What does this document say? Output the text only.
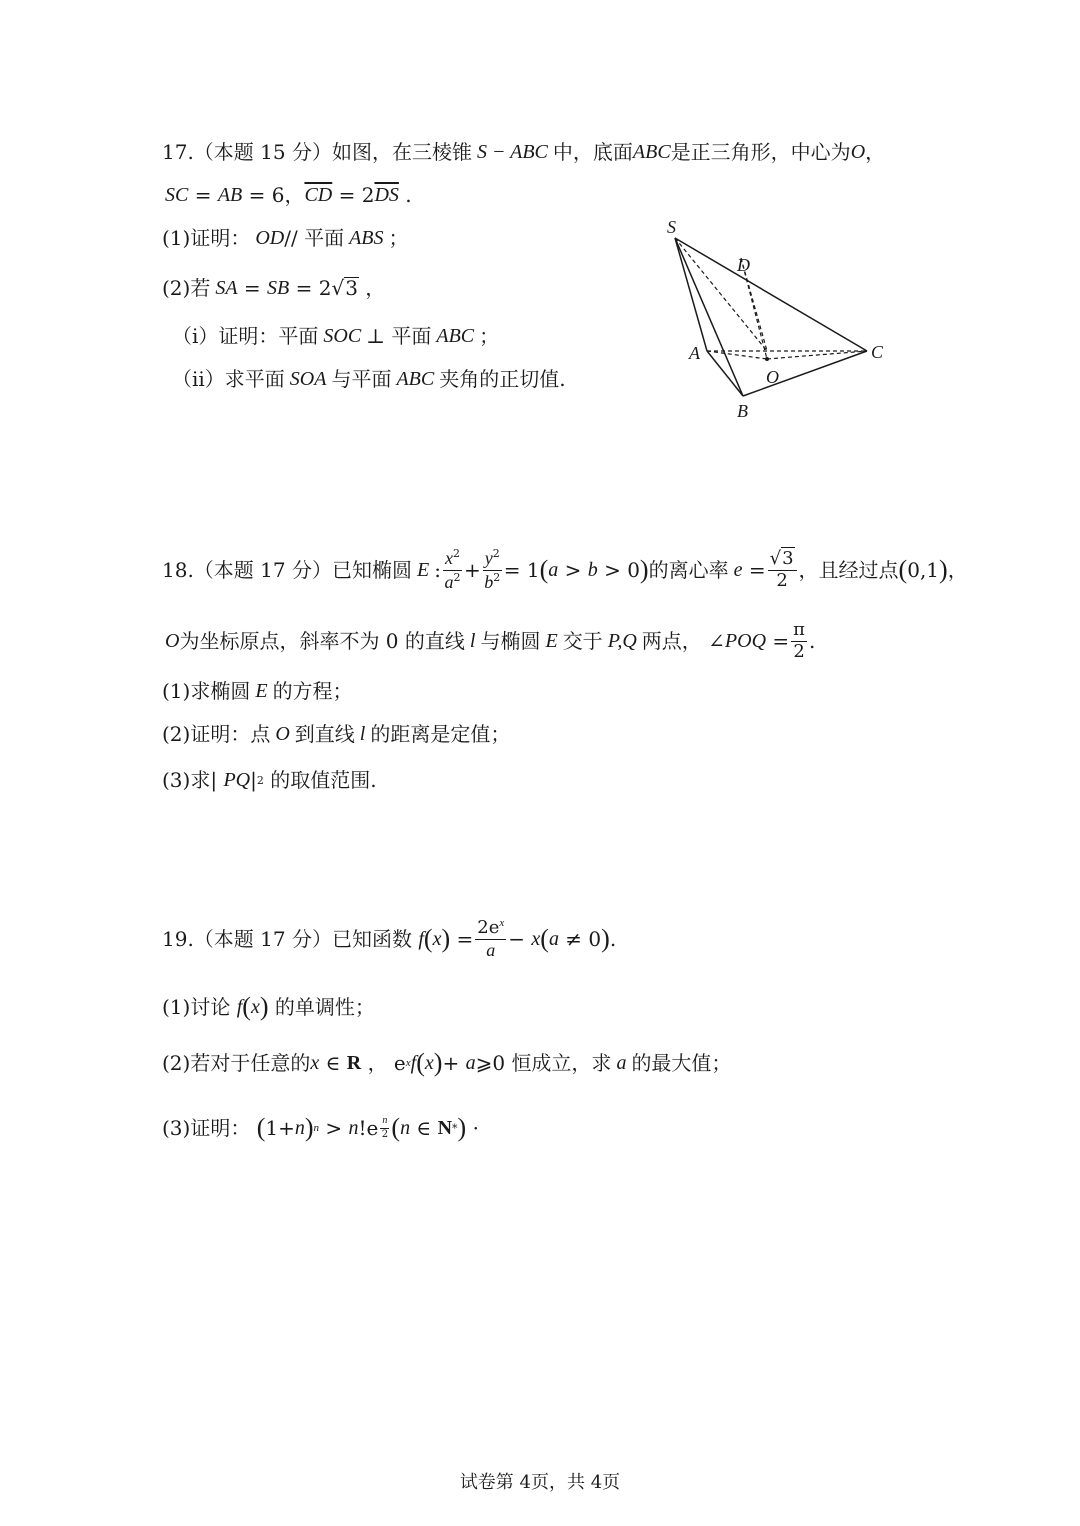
17.（本题 15 分）如图，在三棱锥 S − ABC 中，底面 ABC 是正三角形，中心为 O ，
SC = AB = 6 ， $\overline{CD} = 2$ $\overline{DS}$ .
(1)证明： OD // 平面 ABS ；
(2)若 SA = SB = 2√ 3 ，
（i）证明：平面 SOC ⊥ 平面 ABC ；
（ii）求平面 SOA 与平面 ABC 夹角的正切值.
S
D
A
O
C
B
18.（本题 17 分）已知椭圆 E : $\frac{x^2}{a^2} + \frac{y^2}{b^2} = 1$ ( a > b > 0 ) 的离心率 $e = \frac{√3}{2}$ ，且经过点 ( 0,1 ) ，
O 为坐标原点，斜率不为 0 的直线 l 与椭圆 E 交于 P,Q 两点， ∠ POQ = $\frac{\pi}{2}$ .
(1)求椭圆 E 的方程；
(2)证明：点 O 到直线 l 的距离是定值；
(3)求 | PQ | 2
的取值范围.
19.（本题 17 分）已知函数
f ( x ) = $\frac{2e^x}{a} - x$ ( a ≠ 0 ) .
(1)讨论
f ( x )
的单调性；
(2)若对于任意的 x ∈ R ， e x f ( x ) + a ⩾0 恒成立，求 a 的最大值；
(3)证明：
( 1+ n ) n > n $!e \frac{n}{2}$ ( n ∈ N * ) ·
试卷第 4页，共 4页
